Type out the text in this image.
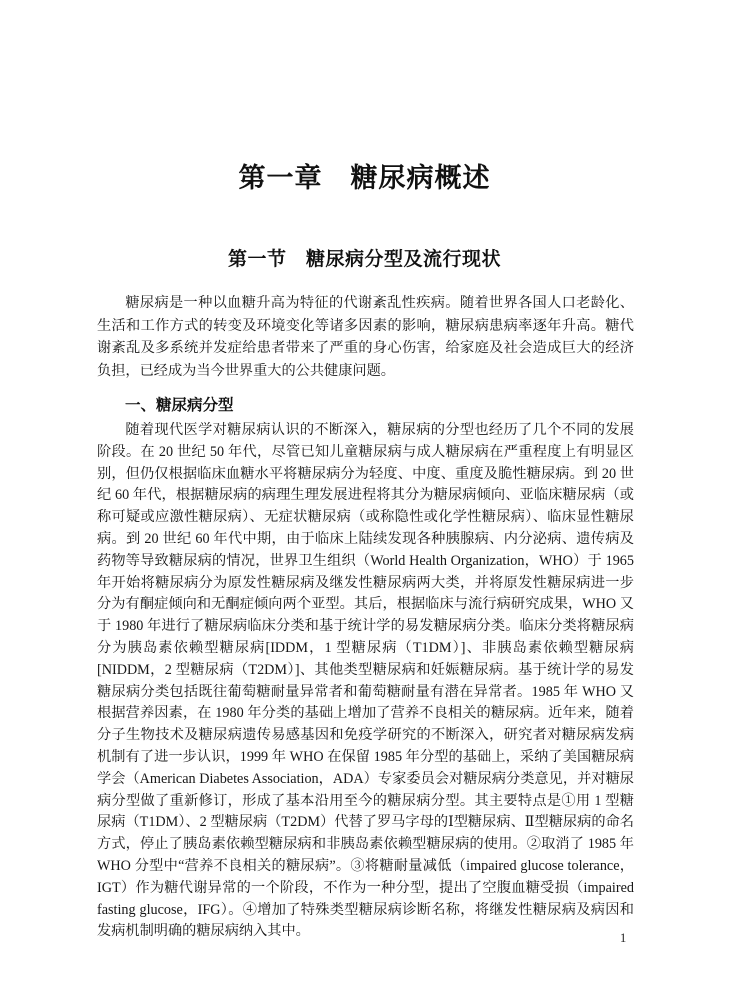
第一章　糖尿病概述
第一节　糖尿病分型及流行现状

糖尿病是一种以血糖升高为特征的代谢紊乱性疾病。随着世界各国人口老龄化、生活和工作方式的转变及环境变化等诸多因素的影响，糖尿病患病率逐年升高。糖代谢紊乱及多系统并发症给患者带来了严重的身心伤害，给家庭及社会造成巨大的经济负担，已经成为当今世界重大的公共健康问题。

一、糖尿病分型

随着现代医学对糖尿病认识的不断深入，糖尿病的分型也经历了几个不同的发展阶段。在 20 世纪 50 年代，尽管已知儿童糖尿病与成人糖尿病在严重程度上有明显区别，但仍仅根据临床血糖水平将糖尿病分为轻度、中度、重度及脆性糖尿病。到 20 世纪 60 年代，根据糖尿病的病理生理发展进程将其分为糖尿病倾向、亚临床糖尿病（或称可疑或应激性糖尿病）、无症状糖尿病（或称隐性或化学性糖尿病）、临床显性糖尿病。到 20 世纪 60 年代中期，由于临床上陆续发现各种胰腺病、内分泌病、遗传病及药物等导致糖尿病的情况，世界卫生组织（World Health Organization，WHO）于 1965 年开始将糖尿病分为原发性糖尿病及继发性糖尿病两大类，并将原发性糖尿病进一步分为有酮症倾向和无酮症倾向两个亚型。其后，根据临床与流行病研究成果，WHO 又于 1980 年进行了糖尿病临床分类和基于统计学的易发糖尿病分类。临床分类将糖尿病分为胰岛素依赖型糖尿病[IDDM，1 型糖尿病（T1DM）]、非胰岛素依赖型糖尿病[NIDDM，2 型糖尿病（T2DM）]、其他类型糖尿病和妊娠糖尿病。基于统计学的易发糖尿病分类包括既往葡萄糖耐量异常者和葡萄糖耐量有潜在异常者。1985 年 WHO 又根据营养因素，在 1980 年分类的基础上增加了营养不良相关的糖尿病。近年来，随着分子生物技术及糖尿病遗传易感基因和免疫学研究的不断深入，研究者对糖尿病发病机制有了进一步认识，1999 年 WHO 在保留 1985 年分型的基础上，采纳了美国糖尿病学会（American Diabetes Association，ADA）专家委员会对糖尿病分类意见，并对糖尿病分型做了重新修订，形成了基本沿用至今的糖尿病分型。其主要特点是①用 1 型糖尿病（T1DM）、2 型糖尿病（T2DM）代替了罗马字母的Ⅰ型糖尿病、Ⅱ型糖尿病的命名方式，停止了胰岛素依赖型糖尿病和非胰岛素依赖型糖尿病的使用。②取消了 1985 年 WHO 分型中“营养不良相关的糖尿病”。③将糖耐量减低（impaired glucose tolerance，IGT）作为糖代谢异常的一个阶段，不作为一种分型，提出了空腹血糖受损（impaired fasting glucose，IFG）。④增加了特殊类型糖尿病诊断名称，将继发性糖尿病及病因和发病机制明确的糖尿病纳入其中。	1
